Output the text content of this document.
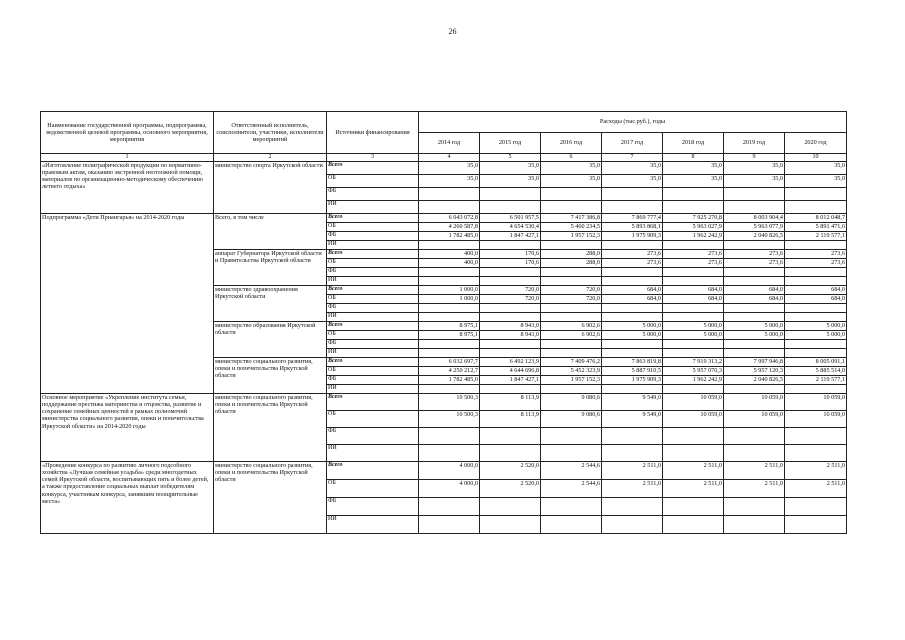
26
Наименование государственной программы, подпрограммы, ведомственной целевой программы, основного мероприятия, мероприятия	Ответственный исполнитель, соисполнители, участники, исполнители мероприятий	Источники финансирования	Расходы (тыс.руб.), годы						
			2014 год	2015 год	2016 год	2017 год	2018 год	2019 год	2020 год
1	2	3	4	5	6	7	8	9	10
«Изготовление полиграфической продукции по нормативно-правовым актам, оказанию экстренной неотложной помощи, материалов по организационно-методическому обеспечению летнего отдыха»	министерство спорта Иркутской области	Всего	35,0	35,0	35,0	35,0	35,0	35,0	35,0
		ОБ	35,0	35,0	35,0	35,0	35,0	35,0	35,0
		ФБ							
		ИИ							
Подпрограмма «Дети Приангарья» на 2014-2020 годы	Всего, в том числе	Всего	6 043 072,8	6 501 957,5	7 417 386,8	7 869 777,4	7 925 270,8	8 003 904,4	8 012 048,7
		ОБ	4 260 587,8	4 654 530,4	5 460 234,5	5 893 868,1	5 963 027,9	5 963 077,9	5 891 471,6
		ФБ	1 782 485,0	1 847 427,1	1 957 152,3	1 975 909,3	1 962 242,9	2 040 826,5	2 119 577,1
		ИИ							
	аппарат Губернатора Иркутской области и Правительства Иркутской области	Всего	400,0	170,6	288,0	273,6	273,6	273,6	273,6
		ОБ	400,0	170,6	288,0	273,6	273,6	273,6	273,6
		ФБ							
		ИИ							
	министерство здравоохранения Иркутской области	Всего	1 000,0	720,0	720,0	684,0	684,0	684,0	684,0
		ОБ	1 000,0	720,0	720,0	684,0	684,0	684,0	684,0
		ФБ							
		ИИ							
	министерство образования Иркутской области	Всего	8 975,1	8 943,0	6 902,6	5 000,0	5 000,0	5 000,0	5 000,0
		ОБ	8 975,1	8 943,0	6 902,6	5 000,0	5 000,0	5 000,0	5 000,0
		ФБ							
		ИИ							
	министерство социального развития, опеки и попечительства Иркутской области	Всего	6 032 697,7	6 492 123,9	7 409 476,2	7 863 819,8	7 919 313,2	7 997 946,8	8 005 091,1
		ОБ	4 250 212,7	4 644 696,8	5 452 323,9	5 887 910,5	5 957 070,3	5 957 120,3	5 885 514,0
		ФБ	1 782 485,0	1 847 427,1	1 957 152,3	1 975 909,3	1 962 242,9	2 040 826,5	2 119 577,1
		ИИ							
Основное мероприятие «Укрепление института семьи, поддержание престижа материнства и отцовства, развитие и сохранение семейных ценностей в рамках полномочий министерства социального развития, опеки и попечительства Иркутской области» на 2014-2020 годы	министерство социального развития, опеки и попечительства Иркутской области	Всего	10 500,3	8 113,9	9 080,6	9 549,0	10 059,0	10 059,0	10 059,0
		ОБ	10 500,3	8 113,9	9 080,6	9 549,0	10 059,0	10 059,0	10 059,0
		ФБ							
		ИИ							
«Проведение конкурса по развитию личного подсобного хозяйства «Лучшая семейная усадьба» среди многодетных семей Иркутской области, воспитывающих пять и более детей, а также предоставление социальных выплат победителям конкурса, участникам конкурса, занявшим поощрительные места»	министерство социального развития, опеки и попечительства Иркутской области	Всего	4 000,0	2 520,0	2 544,6	2 511,0	2 511,0	2 511,0	2 511,0
		ОБ	4 000,0	2 520,0	2 544,6	2 511,0	2 511,0	2 511,0	2 511,0
		ФБ							
		ИИ							
